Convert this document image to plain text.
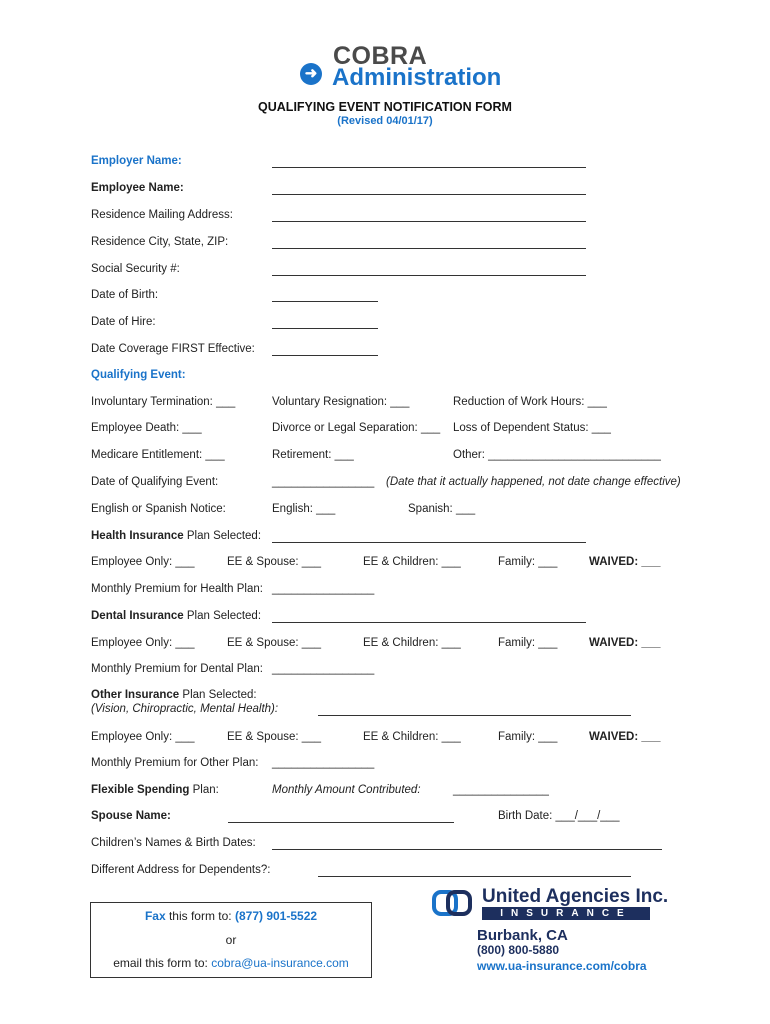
➜
COBRA
Administration
QUALIFYING EVENT NOTIFICATION FORM
(Revised 04/01/17)
Employer Name:
Employee Name:
Residence Mailing Address:
Residence City, State, ZIP:
Social Security #:
Date of Birth:
Date of Hire:
Date Coverage FIRST Effective:
Qualifying Event:
Involuntary Termination: ___	Voluntary Resignation: ___	Reduction of Work Hours: ___
Employee Death: ___	Divorce or Legal Separation: ___ Loss of Dependent Status: ___
Medicare Entitlement: ___	Retirement: ___	Other: ___________________________
Date of Qualifying Event:	________________ (Date that it actually happened, not date change effective)
English or Spanish Notice:	English: ___	Spanish: ___
Health Insurance Plan Selected:
Employee Only: ___	EE & Spouse: ___	EE & Children: ___	Family: ___	WAIVED: ___
Monthly Premium for Health Plan: ________________
Dental Insurance Plan Selected:
Employee Only: ___	EE & Spouse: ___	EE & Children: ___	Family: ___	WAIVED: ___
Monthly Premium for Dental Plan: ________________
Other Insurance Plan Selected:
(Vision, Chiropractic, Mental Health):
Employee Only: ___	EE & Spouse: ___	EE & Children: ___	Family: ___	WAIVED: ___
Monthly Premium for Other Plan: ________________
Flexible Spending Plan:	Monthly Amount Contributed:	_______________
Spouse Name:	Birth Date: ___/___/___
Children’s Names & Birth Dates:
Different Address for Dependents?:
Fax this form to: (877) 901-5522
or
email this form to: cobra@ua-insurance.com
United Agencies Inc.
INSURANCE
Burbank, CA
(800) 800-5880
www.ua-insurance.com/cobra
